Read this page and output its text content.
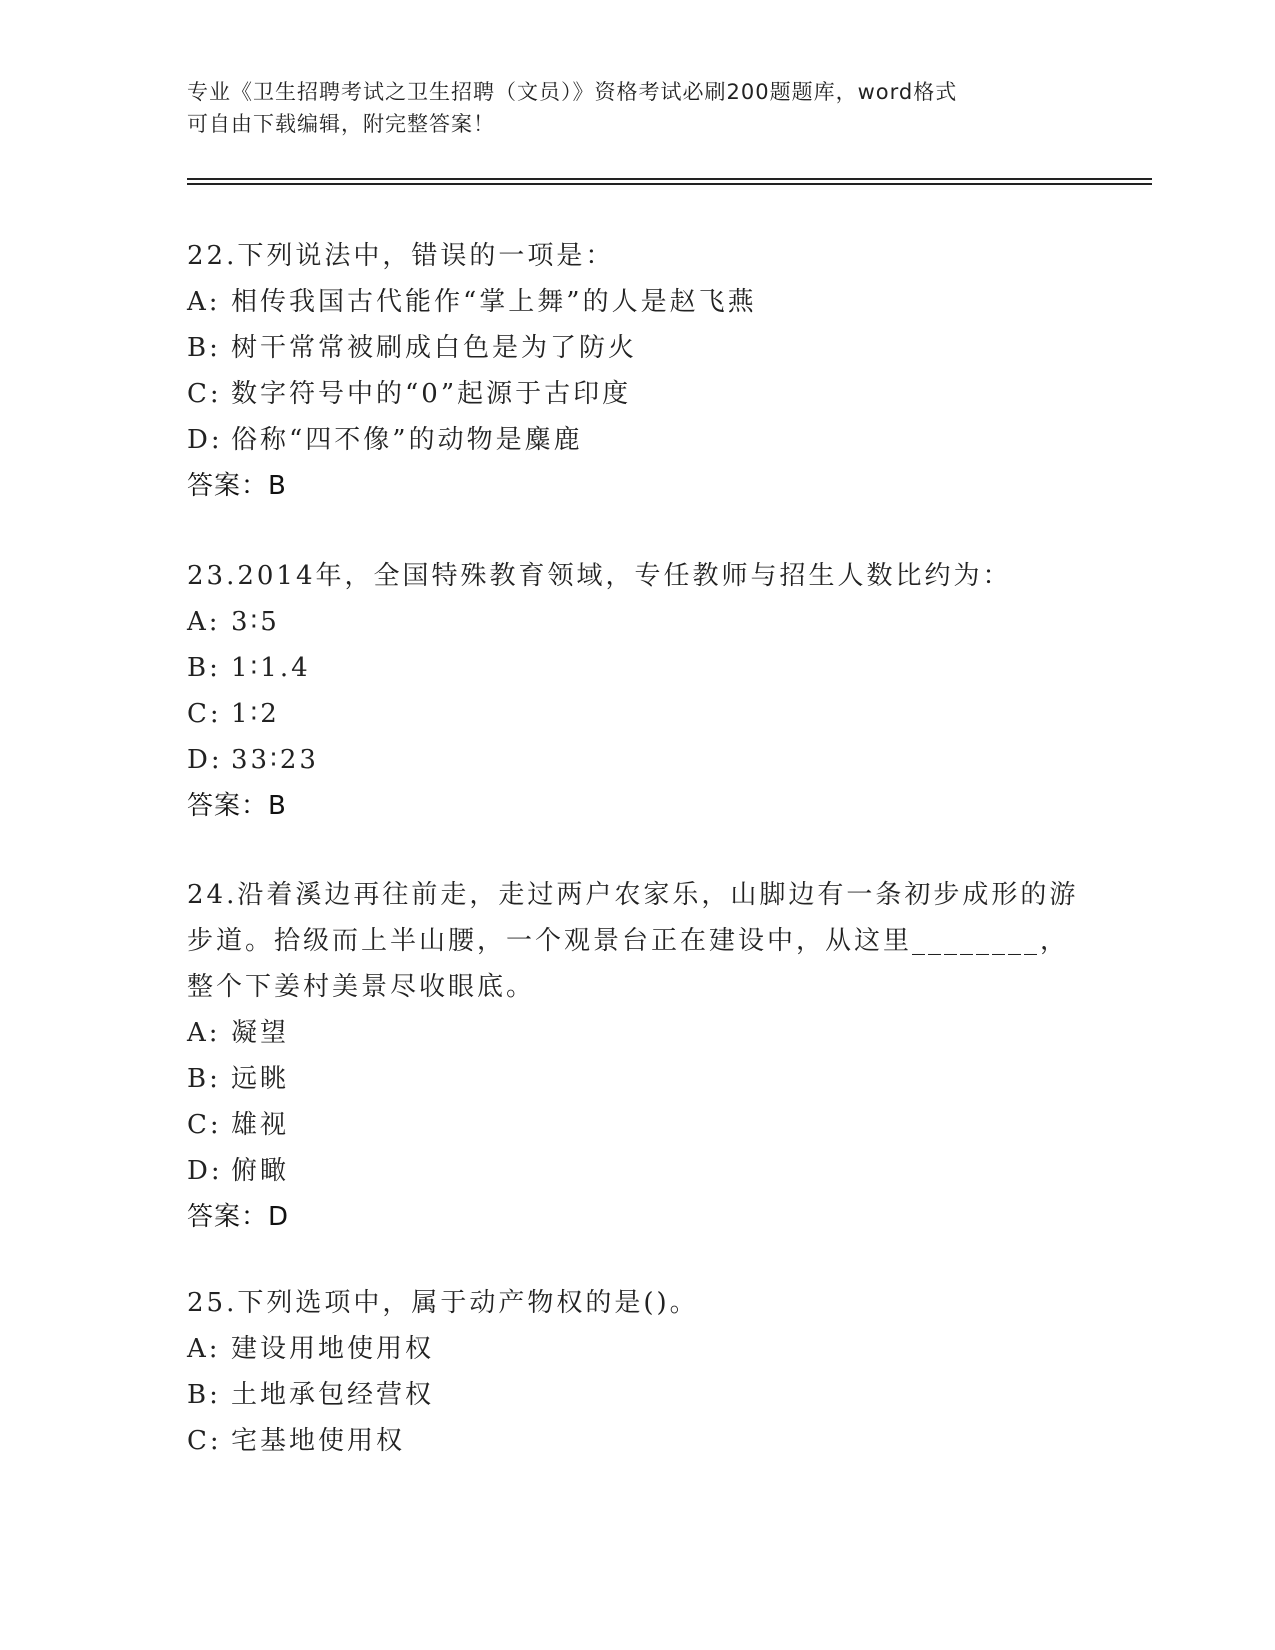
专业《卫生招聘考试之卫生招聘（文员）》资格考试必刷200题题库，word格式
可自由下载编辑，附完整答案！
22.下列说法中，错误的一项是：
A: 相传我国古代能作“掌上舞”的人是赵飞燕
B: 树干常常被刷成白色是为了防火
C: 数字符号中的“0”起源于古印度
D: 俗称“四不像”的动物是麋鹿
答案：B
23.2014年，全国特殊教育领域，专任教师与招生人数比约为：
A: 3∶5
B: 1∶1.4
C: 1∶2
D: 33∶23
答案：B
24.沿着溪边再往前走，走过两户农家乐，山脚边有一条初步成形的游
步道。拾级而上半山腰，一个观景台正在建设中，从这里________，
整个下姜村美景尽收眼底。
A: 凝望
B: 远眺
C: 雄视
D: 俯瞰
答案：D
25.下列选项中，属于动产物权的是()。
A: 建设用地使用权
B: 土地承包经营权
C: 宅基地使用权
